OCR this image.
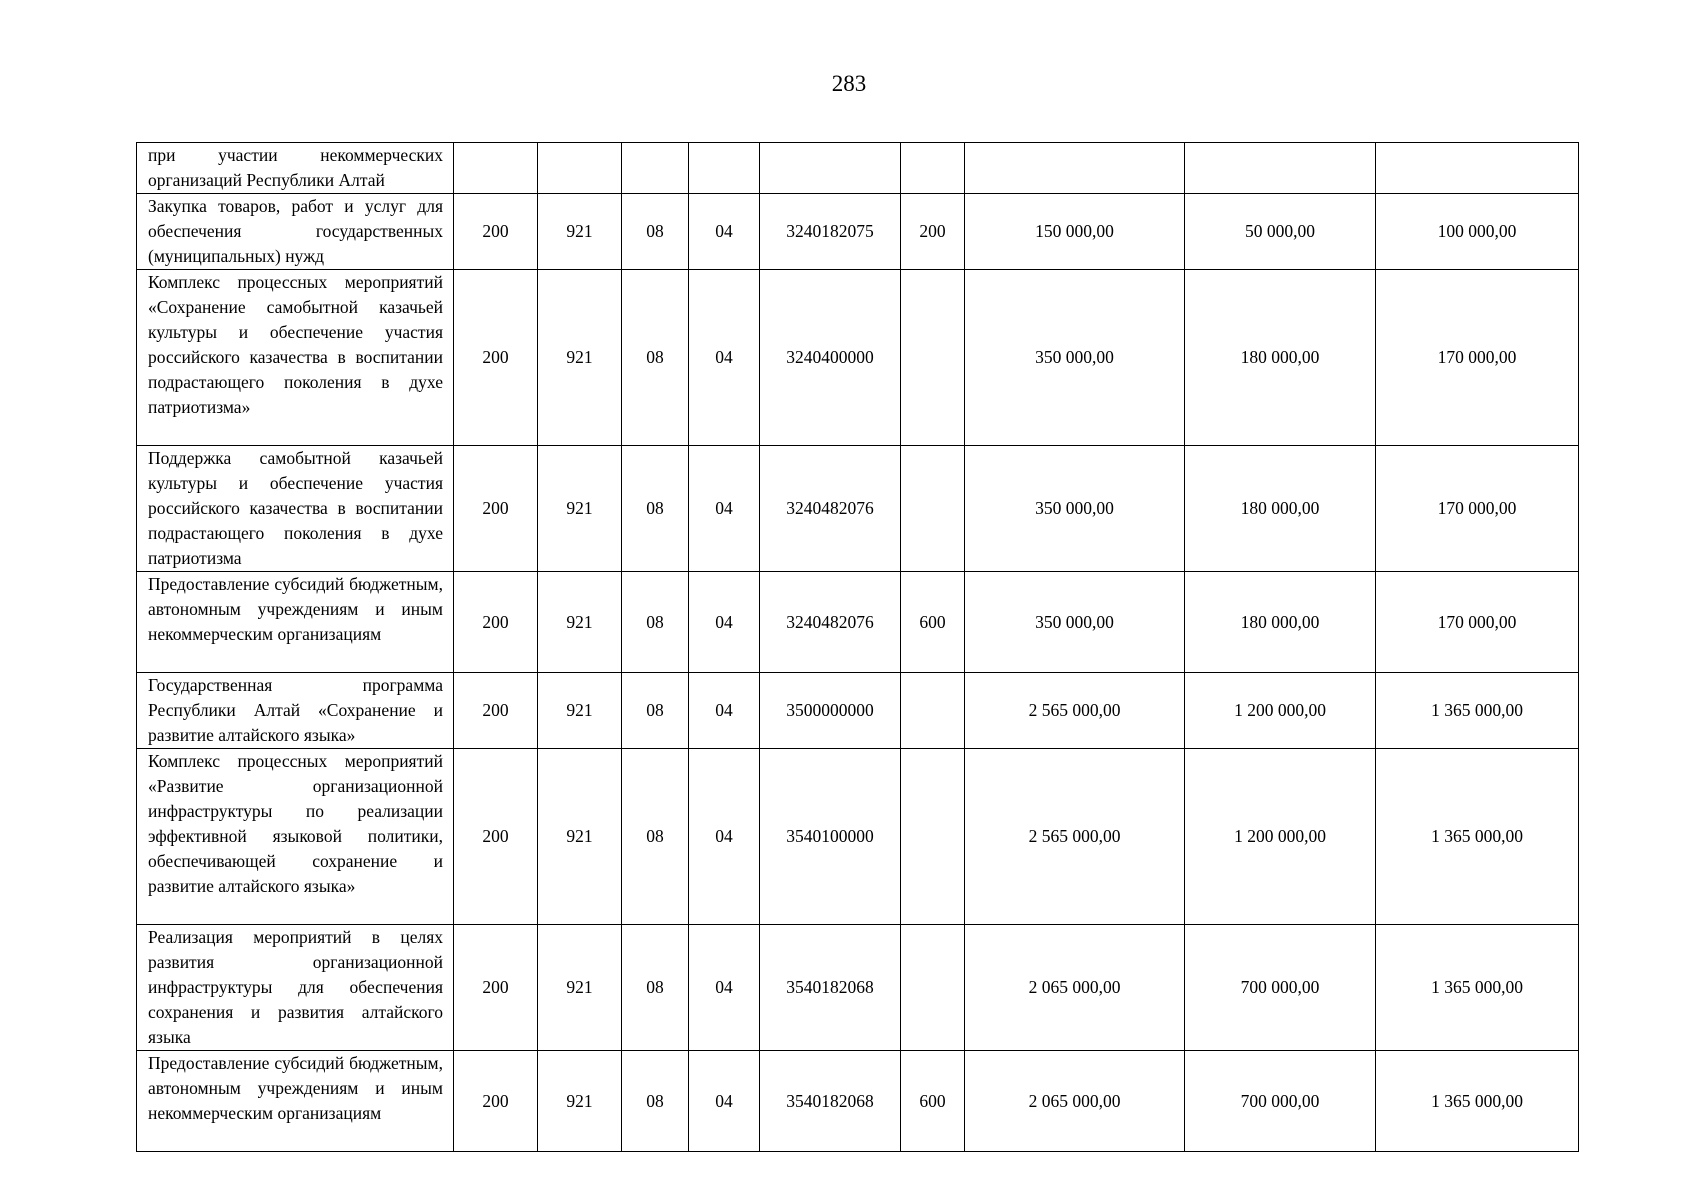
283
при участии некоммерческих организаций Республики Алтай									
Закупка товаров, работ и услуг для обеспечения государственных (муниципальных) нужд	200	921	08	04	3240182075	200	150 000,00	50 000,00	100 000,00
Комплекс процессных мероприятий «Сохранение самобытной казачьей культуры и обеспечение участия российского казачества в воспитании подрастающего поколения в духе патриотизма»	200	921	08	04	3240400000		350 000,00	180 000,00	170 000,00
Поддержка самобытной казачьей культуры и обеспечение участия российского казачества в воспитании подрастающего поколения в духе патриотизма	200	921	08	04	3240482076		350 000,00	180 000,00	170 000,00
Предоставление субсидий бюджетным, автономным учреждениям и иным некоммерческим организациям	200	921	08	04	3240482076	600	350 000,00	180 000,00	170 000,00
Государственная программа Республики Алтай «Сохранение и развитие алтайского языка»	200	921	08	04	3500000000		2 565 000,00	1 200 000,00	1 365 000,00
Комплекс процессных мероприятий «Развитие организационной инфраструктуры по реализации эффективной языковой политики, обеспечивающей сохранение и развитие алтайского языка»	200	921	08	04	3540100000		2 565 000,00	1 200 000,00	1 365 000,00
Реализация мероприятий в целях развития организационной инфраструктуры для обеспечения сохранения и развития алтайского языка	200	921	08	04	3540182068		2 065 000,00	700 000,00	1 365 000,00
Предоставление субсидий бюджетным, автономным учреждениям и иным некоммерческим организациям	200	921	08	04	3540182068	600	2 065 000,00	700 000,00	1 365 000,00
